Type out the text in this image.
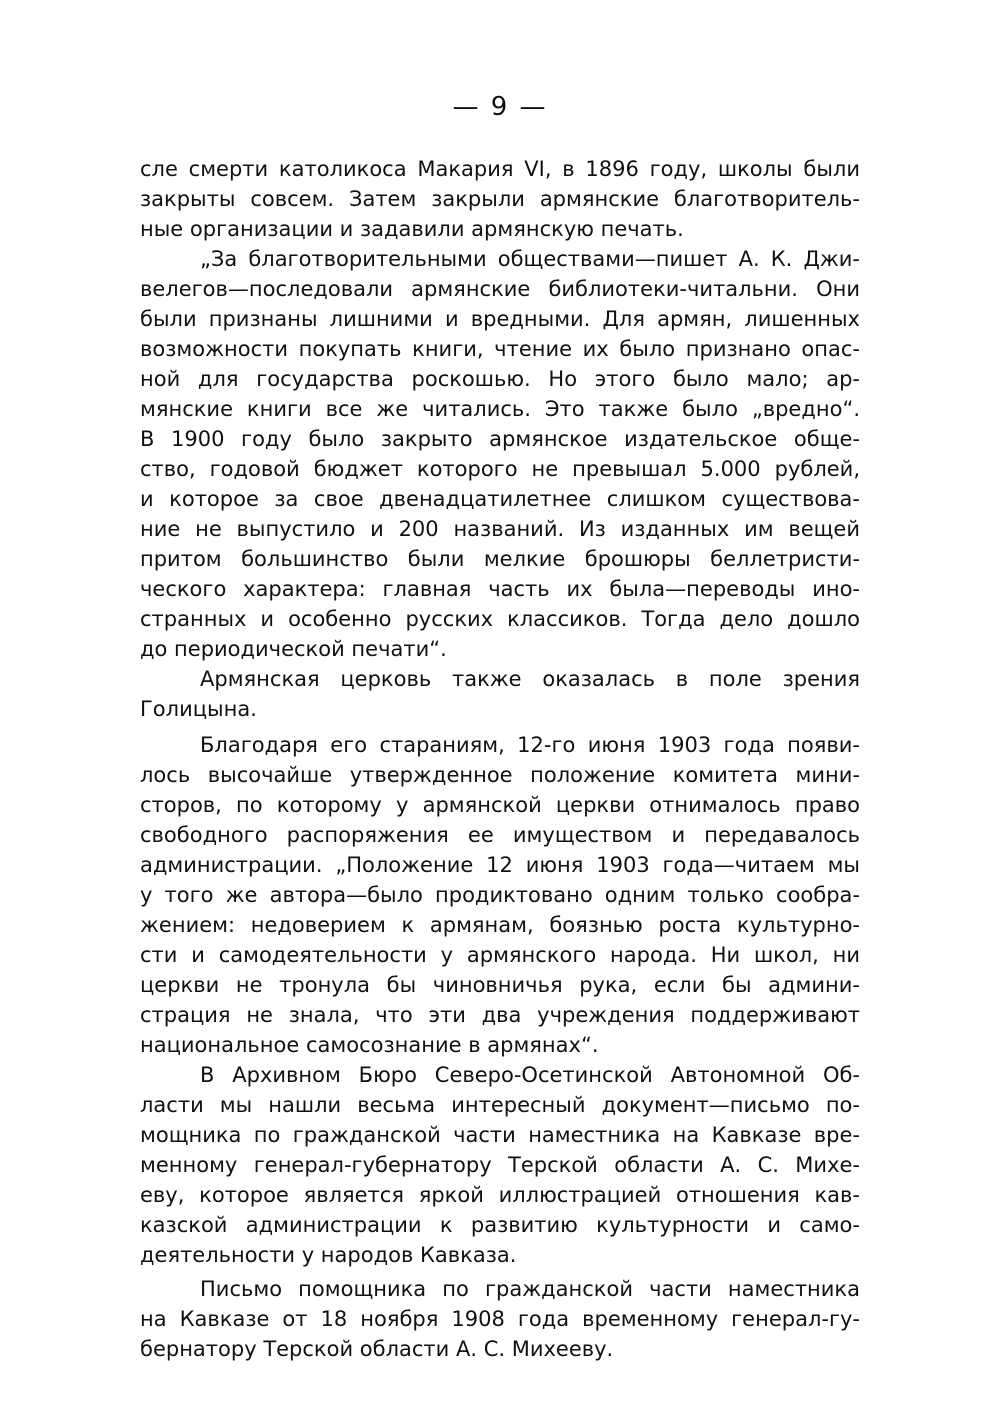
— 9 —
сле смерти католикоса Макария VI, в 1896 году, школы были
закрыты совсем. Затем закрыли армянские благотворитель-
ные организации и задавили армянскую печать.
„За благотворительными обществами—пишет А. К. Джи-
велегов—последовали армянские библиотеки-читальни. Они
были признаны лишними и вредными. Для армян, лишенных
возможности покупать книги, чтение их было признано опас-
ной для государства роскошью. Но этого было мало; ар-
мянские книги все же читались. Это также было „вредно“.
В 1900 году было закрыто армянское издательское обще-
ство, годовой бюджет которого не превышал 5.000 рублей,
и которое за свое двенадцатилетнее слишком существова-
ние не выпустило и 200 названий. Из изданных им вещей
притом большинство были мелкие брошюры беллетристи-
ческого характера: главная часть их была—переводы ино-
странных и особенно русских классиков. Тогда дело дошло
до периодической печати“.
Армянская церковь также оказалась в поле зрения
Голицына.
Благодаря его стараниям, 12-го июня 1903 года появи-
лось высочайше утвержденное положение комитета мини-
сторов, по которому у армянской церкви отнималось право
свободного распоряжения ее имуществом и передавалось
администрации. „Положение 12 июня 1903 года—читаем мы
у того же автора—было продиктовано одним только сообра-
жением: недоверием к армянам, боязнью роста культурно-
сти и самодеятельности у армянского народа. Ни школ, ни
церкви не тронула бы чиновничья рука, если бы админи-
страция не знала, что эти два учреждения поддерживают
национальное самосознание в армянах“.
В Архивном Бюро Северо-Осетинской Автономной Об-
ласти мы нашли весьма интересный документ—письмо по-
мощника по гражданской части наместника на Кавказе вре-
менному генерал-губернатору Терской области А. С. Михе-
еву, которое является яркой иллюстрацией отношения кав-
казской администрации к развитию культурности и само-
деятельности у народов Кавказа.
Письмо помощника по гражданской части наместника
на Кавказе от 18 ноября 1908 года временному генерал-гу-
бернатору Терской области А. С. Михееву.
